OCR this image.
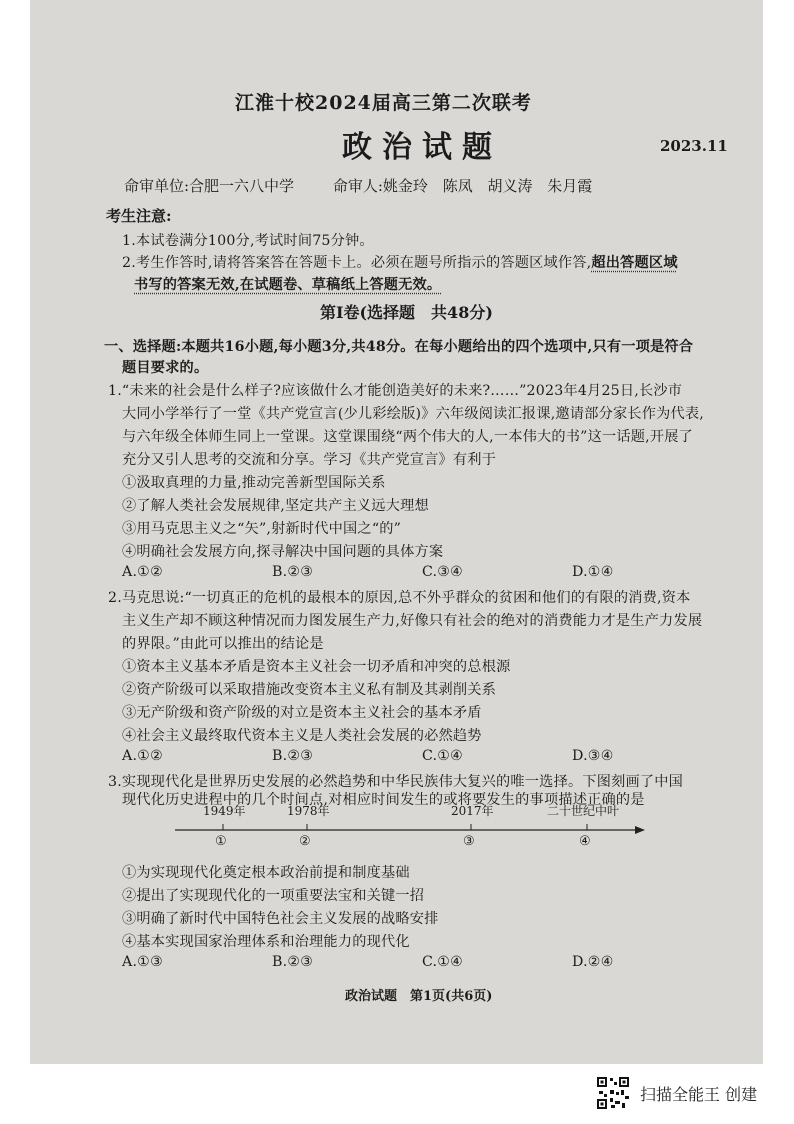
江淮十校2024届高三第二次联考
政治试题	2023.11
命审单位:合肥一六八中学	命审人:姚金玲 陈凤 胡义涛 朱月霞
考生注意:
1.本试卷满分100分,考试时间75分钟。
2.考生作答时,请将答案答在答题卡上。必须在题号所指示的答题区域作答,超出答题区域
书写的答案无效,在试题卷、草稿纸上答题无效。
第Ⅰ卷(选择题　共48分)
一、选择题:本题共16小题,每小题3分,共48分。在每小题给出的四个选项中,只有一项是符合
题目要求的。
1.“未来的社会是什么样子?应该做什么才能创造美好的未来?……”2023年4月25日,长沙市
大同小学举行了一堂《共产党宣言(少儿彩绘版)》六年级阅读汇报课,邀请部分家长作为代表,
与六年级全体师生同上一堂课。这堂课围绕“两个伟大的人,一本伟大的书”这一话题,开展了
充分又引人思考的交流和分享。学习《共产党宣言》有利于
①汲取真理的力量,推动完善新型国际关系
②了解人类社会发展规律,坚定共产主义远大理想
③用马克思主义之“矢”,射新时代中国之“的”
④明确社会发展方向,探寻解决中国问题的具体方案
A.①②	B.②③	C.③④	D.①④
2.马克思说:“一切真正的危机的最根本的原因,总不外乎群众的贫困和他们的有限的消费,资本
主义生产却不顾这种情况而力图发展生产力,好像只有社会的绝对的消费能力才是生产力发展
的界限。”由此可以推出的结论是
①资本主义基本矛盾是资本主义社会一切矛盾和冲突的总根源
②资产阶级可以采取措施改变资本主义私有制及其剥削关系
③无产阶级和资产阶级的对立是资本主义社会的基本矛盾
④社会主义最终取代资本主义是人类社会发展的必然趋势
A.①②	B.②③	C.①④	D.③④
3.实现现代化是世界历史发展的必然趋势和中华民族伟大复兴的唯一选择。下图刻画了中国
现代化历史进程中的几个时间点,对相应时间发生的或将要发生的事项描述正确的是
1949年	1978年	2017年	二十世纪中叶
①	②	③	④
①为实现现代化奠定根本政治前提和制度基础
②提出了实现现代化的一项重要法宝和关键一招
③明确了新时代中国特色社会主义发展的战略安排
④基本实现国家治理体系和治理能力的现代化
A.①③	B.②③	C.①④	D.②④
政治试题　第1页(共6页)
扫描全能王 创建
